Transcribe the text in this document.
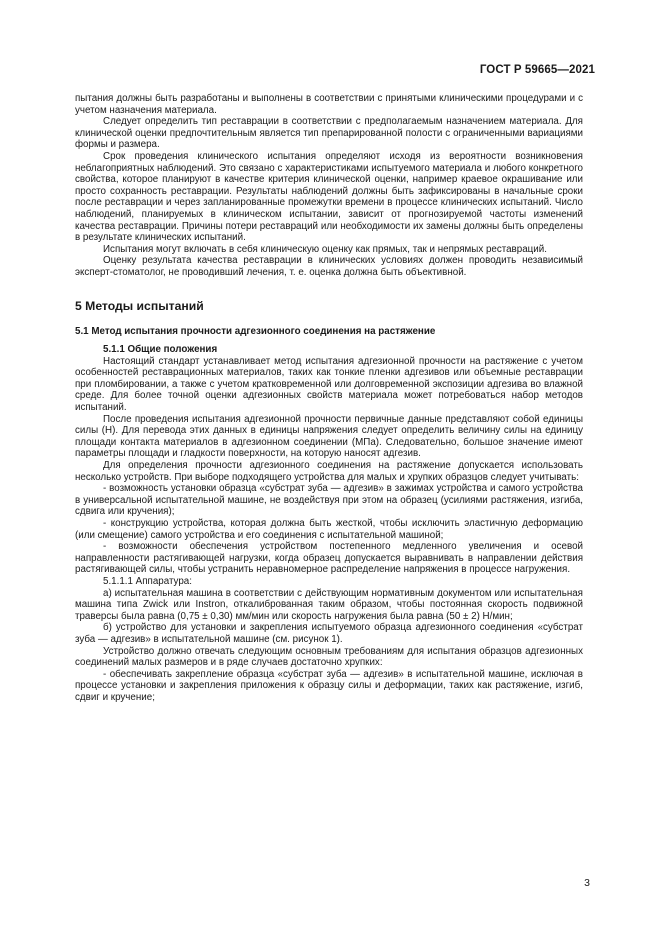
ГОСТ Р 59665—2021

пытания должны быть разработаны и выполнены в соответствии с принятыми клиническими процедурами и с учетом назначения материала.

Следует определить тип реставрации в соответствии с предполагаемым назначением материала. Для клинической оценки предпочтительным является тип препарированной полости с ограниченными вариациями формы и размера.

Срок проведения клинического испытания определяют исходя из вероятности возникновения неблагоприятных наблюдений. Это связано с характеристиками испытуемого материала и любого конкретного свойства, которое планируют в качестве критерия клинической оценки, например краевое окрашивание или просто сохранность реставрации. Результаты наблюдений должны быть зафиксированы в начальные сроки после реставрации и через запланированные промежутки времени в процессе клинических испытаний. Число наблюдений, планируемых в клиническом испытании, зависит от прогнозируемой частоты изменений качества реставрации. Причины потери реставраций или необходимости их замены должны быть определены в результате клинических испытаний.

Испытания могут включать в себя клиническую оценку как прямых, так и непрямых реставраций.

Оценку результата качества реставрации в клинических условиях должен проводить независимый эксперт-стоматолог, не проводивший лечения, т. е. оценка должна быть объективной.

5 Методы испытаний

5.1 Метод испытания прочности адгезионного соединения на растяжение

5.1.1 Общие положения

Настоящий стандарт устанавливает метод испытания адгезионной прочности на растяжение с учетом особенностей реставрационных материалов, таких как тонкие пленки адгезивов или объемные реставрации при пломбировании, а также с учетом кратковременной или долговременной экспозиции адгезива во влажной среде. Для более точной оценки адгезионных свойств материала может потребоваться набор методов испытаний.

После проведения испытания адгезионной прочности первичные данные представляют собой единицы силы (Н). Для перевода этих данных в единицы напряжения следует определить величину силы на единицу площади контакта материалов в адгезионном соединении (МПа). Следовательно, большое значение имеют параметры площади и гладкости поверхности, на которую наносят адгезив.

Для определения прочности адгезионного соединения на растяжение допускается использовать несколько устройств. При выборе подходящего устройства для малых и хрупких образцов следует учитывать:

- возможность установки образца «субстрат зуба — адгезив» в зажимах устройства и самого устройства в универсальной испытательной машине, не воздействуя при этом на образец (усилиями растяжения, изгиба, сдвига или кручения);

- конструкцию устройства, которая должна быть жесткой, чтобы исключить эластичную деформацию (или смещение) самого устройства и его соединения с испытательной машиной;

- возможности обеспечения устройством постепенного медленного увеличения и осевой направленности растягивающей нагрузки, когда образец допускается выравнивать в направлении действия растягивающей силы, чтобы устранить неравномерное распределение напряжения в процессе нагружения.

5.1.1.1 Аппаратура:

а) испытательная машина в соответствии с действующим нормативным документом или испытательная машина типа Zwick или Instron, откалиброванная таким образом, чтобы постоянная скорость подвижной траверсы была равна (0,75 ± 0,30) мм/мин или скорость нагружения была равна (50 ± 2) Н/мин;

б) устройство для установки и закрепления испытуемого образца адгезионного соединения «субстрат зуба — адгезив» в испытательной машине (см. рисунок 1).

Устройство должно отвечать следующим основным требованиям для испытания образцов адгезионных соединений малых размеров и в ряде случаев достаточно хрупких:

- обеспечивать закрепление образца «субстрат зуба — адгезив» в испытательной машине, исключая в процессе установки и закрепления приложения к образцу силы и деформации, таких как растяжение, изгиб, сдвиг и кручение;

3
